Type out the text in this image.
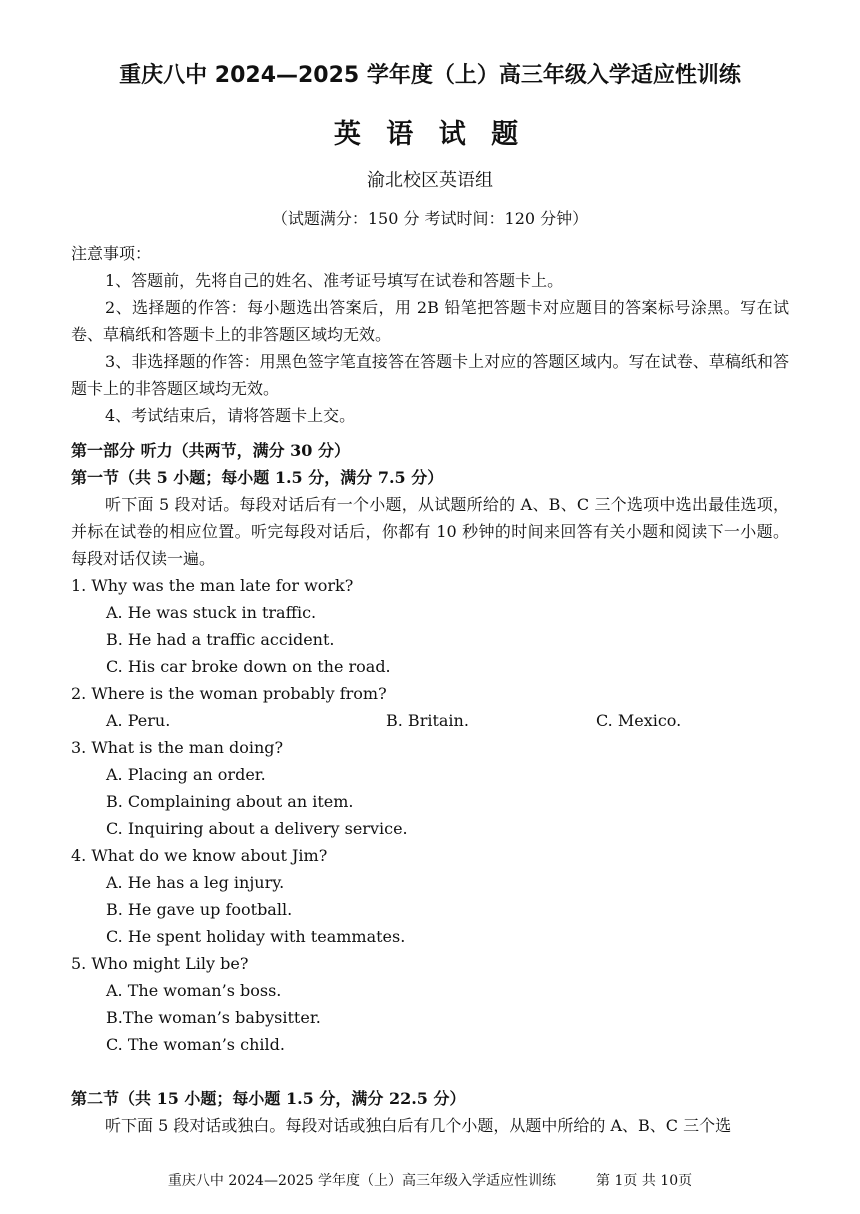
重庆八中 2024—2025 学年度（上）高三年级入学适应性训练
英 语 试 题
渝北校区英语组
（试题满分：150 分 考试时间：120 分钟）
注意事项：
1、答题前，先将自己的姓名、准考证号填写在试卷和答题卡上。
2、选择题的作答：每小题选出答案后，用 2B 铅笔把答题卡对应题目的答案标号涂黑。写在试卷、草稿纸和答题卡上的非答题区域均无效。
3、非选择题的作答：用黑色签字笔直接答在答题卡上对应的答题区域内。写在试卷、草稿纸和答题卡上的非答题区域均无效。
4、考试结束后，请将答题卡上交。
第一部分 听力（共两节，满分 30 分）
第一节（共 5 小题；每小题 1.5 分，满分 7.5 分）
听下面 5 段对话。每段对话后有一个小题，从试题所给的 A、B、C 三个选项中选出最佳选项，并标在试卷的相应位置。听完每段对话后，你都有 10 秒钟的时间来回答有关小题和阅读下一小题。每段对话仅读一遍。
1. Why was the man late for work?
A. He was stuck in traffic.
B. He had a traffic accident.
C. His car broke down on the road.
2. Where is the woman probably from?
A. Peru.	B. Britain.	C. Mexico.
3. What is the man doing?
A. Placing an order.
B. Complaining about an item.
C. Inquiring about a delivery service.
4. What do we know about Jim?
A. He has a leg injury.
B. He gave up football.
C. He spent holiday with teammates.
5. Who might Lily be?
A. The woman’s boss.
B.The woman’s babysitter.
C. The woman’s child.
第二节（共 15 小题；每小题 1.5 分，满分 22.5 分）
听下面 5 段对话或独白。每段对话或独白后有几个小题，从题中所给的 A、B、C 三个选
重庆八中 2024—2025 学年度（上）高三年级入学适应性训练	第 1页 共 10页
